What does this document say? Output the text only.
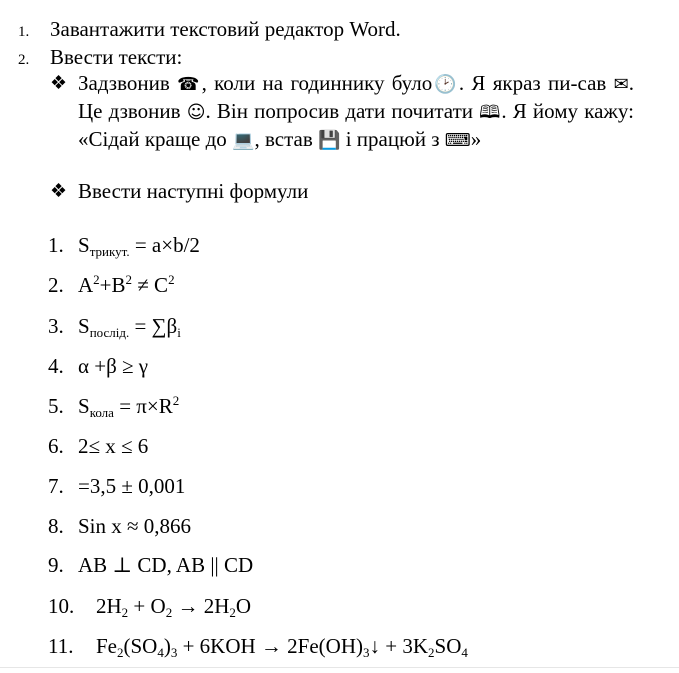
1. Завантажити текстовий редактор Word.
2. Ввести тексти:
❖ Задзвонив ☎, коли на годиннику було🕑. Я якраз пи-сав ✉. Це дзвонив ☺. Він попросив дати почитати 🕮. Я йому кажу: «Сідай краще до 💻, встав 💾 і працюй з ⌨»
❖ Ввести наступні формули
1. $S_{трикут.} = a\times b/2$
2. $A^2+B^2 \ne C^2$
3. $S_{послід.} = \sum\beta_i$
4. α +β ≥ γ
5. $S_{кола} = \pi\times R^2$
6. 2≤ x ≤ 6
7. =3,5 ± 0,001
8. Sin x ≈ 0,866
9. AB ⊥ CD, AB || CD
10. $2H_2 + O_2 \to 2H_2O$
11. $Fe_2(SO_4)_3 + 6KOH$ → $2Fe(OH)_3↓ + 3K_2SO_4$
